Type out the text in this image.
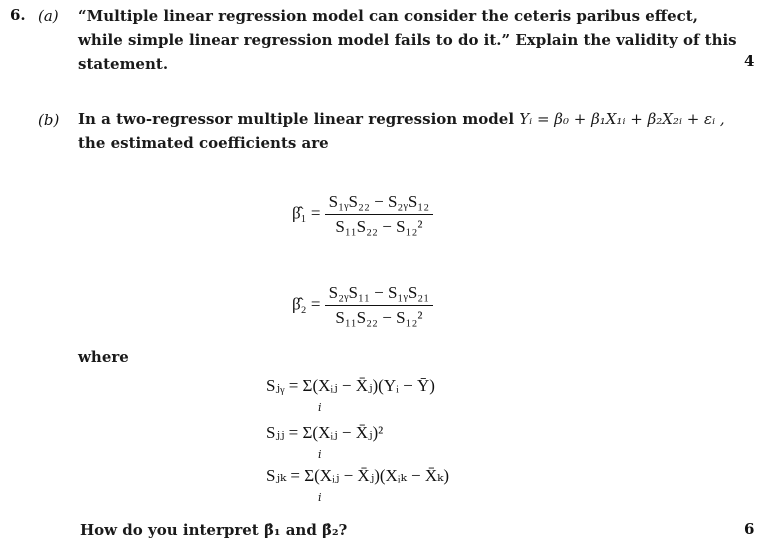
6. (a) “Multiple linear regression model can consider the ceteris paribus effect,
while simple linear regression model fails to do it.” Explain the validity of this
statement.	4
(b) In a two-regressor multiple linear regression model Yᵢ = β₀ + β₁X₁ᵢ + β₂X₂ᵢ + εᵢ ,
the estimated coefficients are
β̂₁ = $\frac{\text{S₁ᵧS₂₂ − S₂ᵧS₁₂}}{\text{S₁₁S₂₂ − S₁₂²}}$
β̂₂ = $\frac{\text{S₂ᵧS₁₁ − S₁ᵧS₂₁}}{\text{S₁₁S₂₂ − S₁₂²}}$
where
Sⱼᵧ = Σ(Xᵢⱼ − X̄ⱼ)(Yᵢ − Ȳ)
i
Sⱼⱼ = Σ(Xᵢⱼ − X̄ⱼ)²
i
Sⱼₖ = Σ(Xᵢⱼ − X̄ⱼ)(Xᵢₖ − X̄ₖ)
i
How do you interpret β̂₁ and β̂₂?	6
